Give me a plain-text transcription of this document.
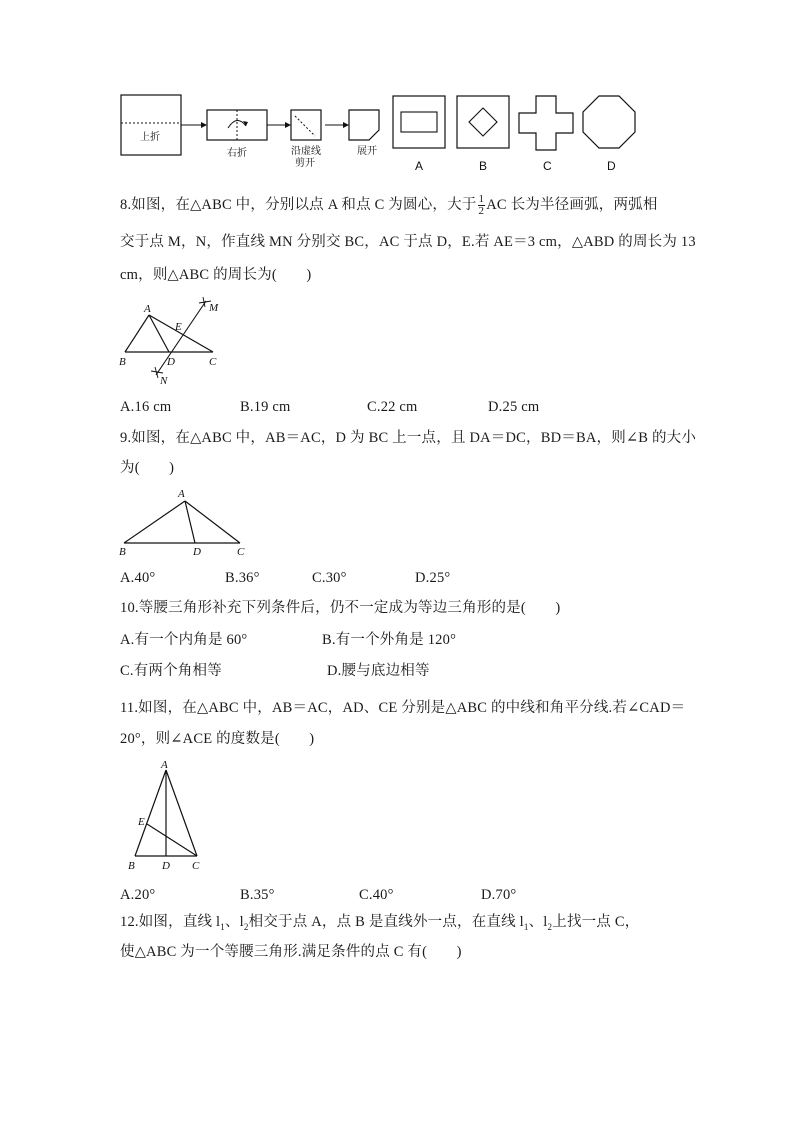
上折
右折	沿虚线
剪开
展开
A	B	C	D
8.如图，在△ABC 中，分别以点 A 和点 C 为圆心，大于 $\frac{1}{2}$ AC 长为半径画弧，两弧相
交于点 M，N，作直线 MN 分别交 BC，AC 于点 D，E.若 AE＝3 cm，△ABD 的周长为 13
cm，则△ABC 的周长为(　　)
A
B	C
D
E
M
N
A.16 cm	B.19 cm	C.22 cm	D.25 cm
9.如图，在△ABC 中，AB＝AC，D 为 BC 上一点，且 DA＝DC，BD＝BA，则∠B 的大小
为(　　)
A
B	D	C
A.40°	B.36°	C.30°	D.25°
10.等腰三角形补充下列条件后，仍不一定成为等边三角形的是(　　)
A.有一个内角是 60°	B.有一个外角是 120°
C.有两个角相等	D.腰与底边相等
11.如图，在△ABC 中，AB＝AC，AD、CE 分别是△ABC 的中线和角平分线.若∠CAD＝
20°，则∠ACE 的度数是(　　)
A
E
B D C
A.20°	B.35°	C.40°	D.70°
12.如图，直线 $l_1$、$l_2$相交于点 A，点 B 是直线外一点，在直线 $l_1$、$l_2$上找一点 C，
使△ABC 为一个等腰三角形.满足条件的点 C 有(　　)
